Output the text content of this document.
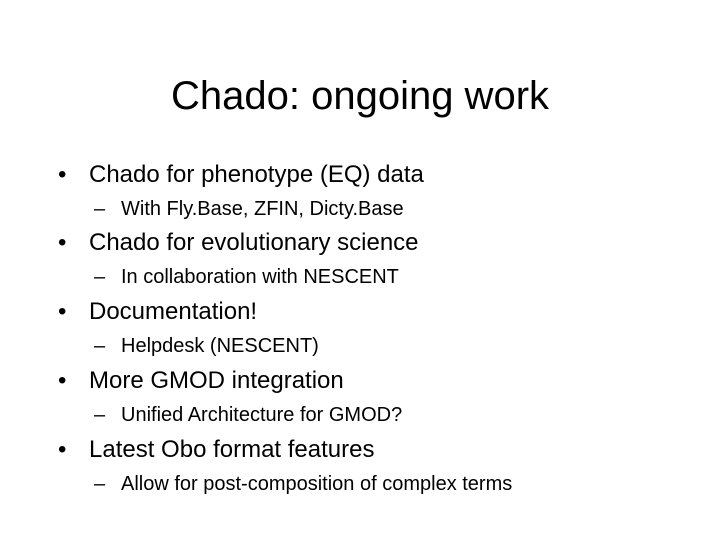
Chado: ongoing work
• Chado for phenotype (EQ) data
– With Fly.Base, ZFIN, Dicty.Base
• Chado for evolutionary science
– In collaboration with NESCENT
• Documentation!
– Helpdesk (NESCENT)
• More GMOD integration
– Unified Architecture for GMOD?
• Latest Obo format features
– Allow for post-composition of complex terms
